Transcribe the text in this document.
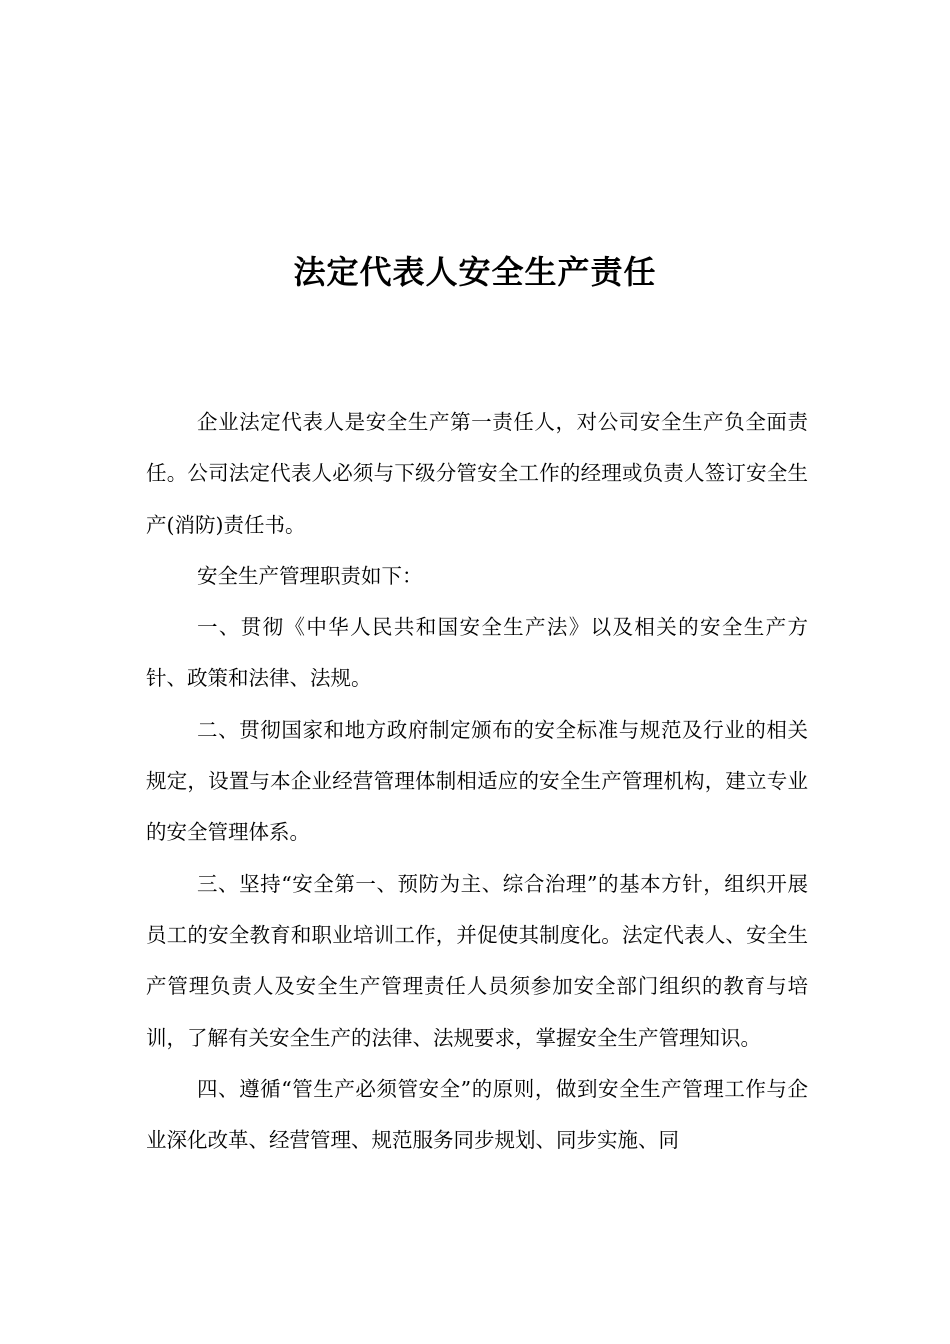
法定代表人安全生产责任

企业法定代表人是安全生产第一责任人，对公司安全生产负全面责任。公司法定代表人必须与下级分管安全工作的经理或负责人签订安全生产(消防)责任书。

安全生产管理职责如下：

一、贯彻《中华人民共和国安全生产法》以及相关的安全生产方针、政策和法律、法规。

二、贯彻国家和地方政府制定颁布的安全标准与规范及行业的相关规定，设置与本企业经营管理体制相适应的安全生产管理机构，建立专业的安全管理体系。

三、坚持“安全第一、预防为主、综合治理”的基本方针，组织开展员工的安全教育和职业培训工作，并促使其制度化。法定代表人、安全生产管理负责人及安全生产管理责任人员须参加安全部门组织的教育与培训，了解有关安全生产的法律、法规要求，掌握安全生产管理知识。

四、遵循“管生产必须管安全”的原则，做到安全生产管理工作与企业深化改革、经营管理、规范服务同步规划、同步实施、同
